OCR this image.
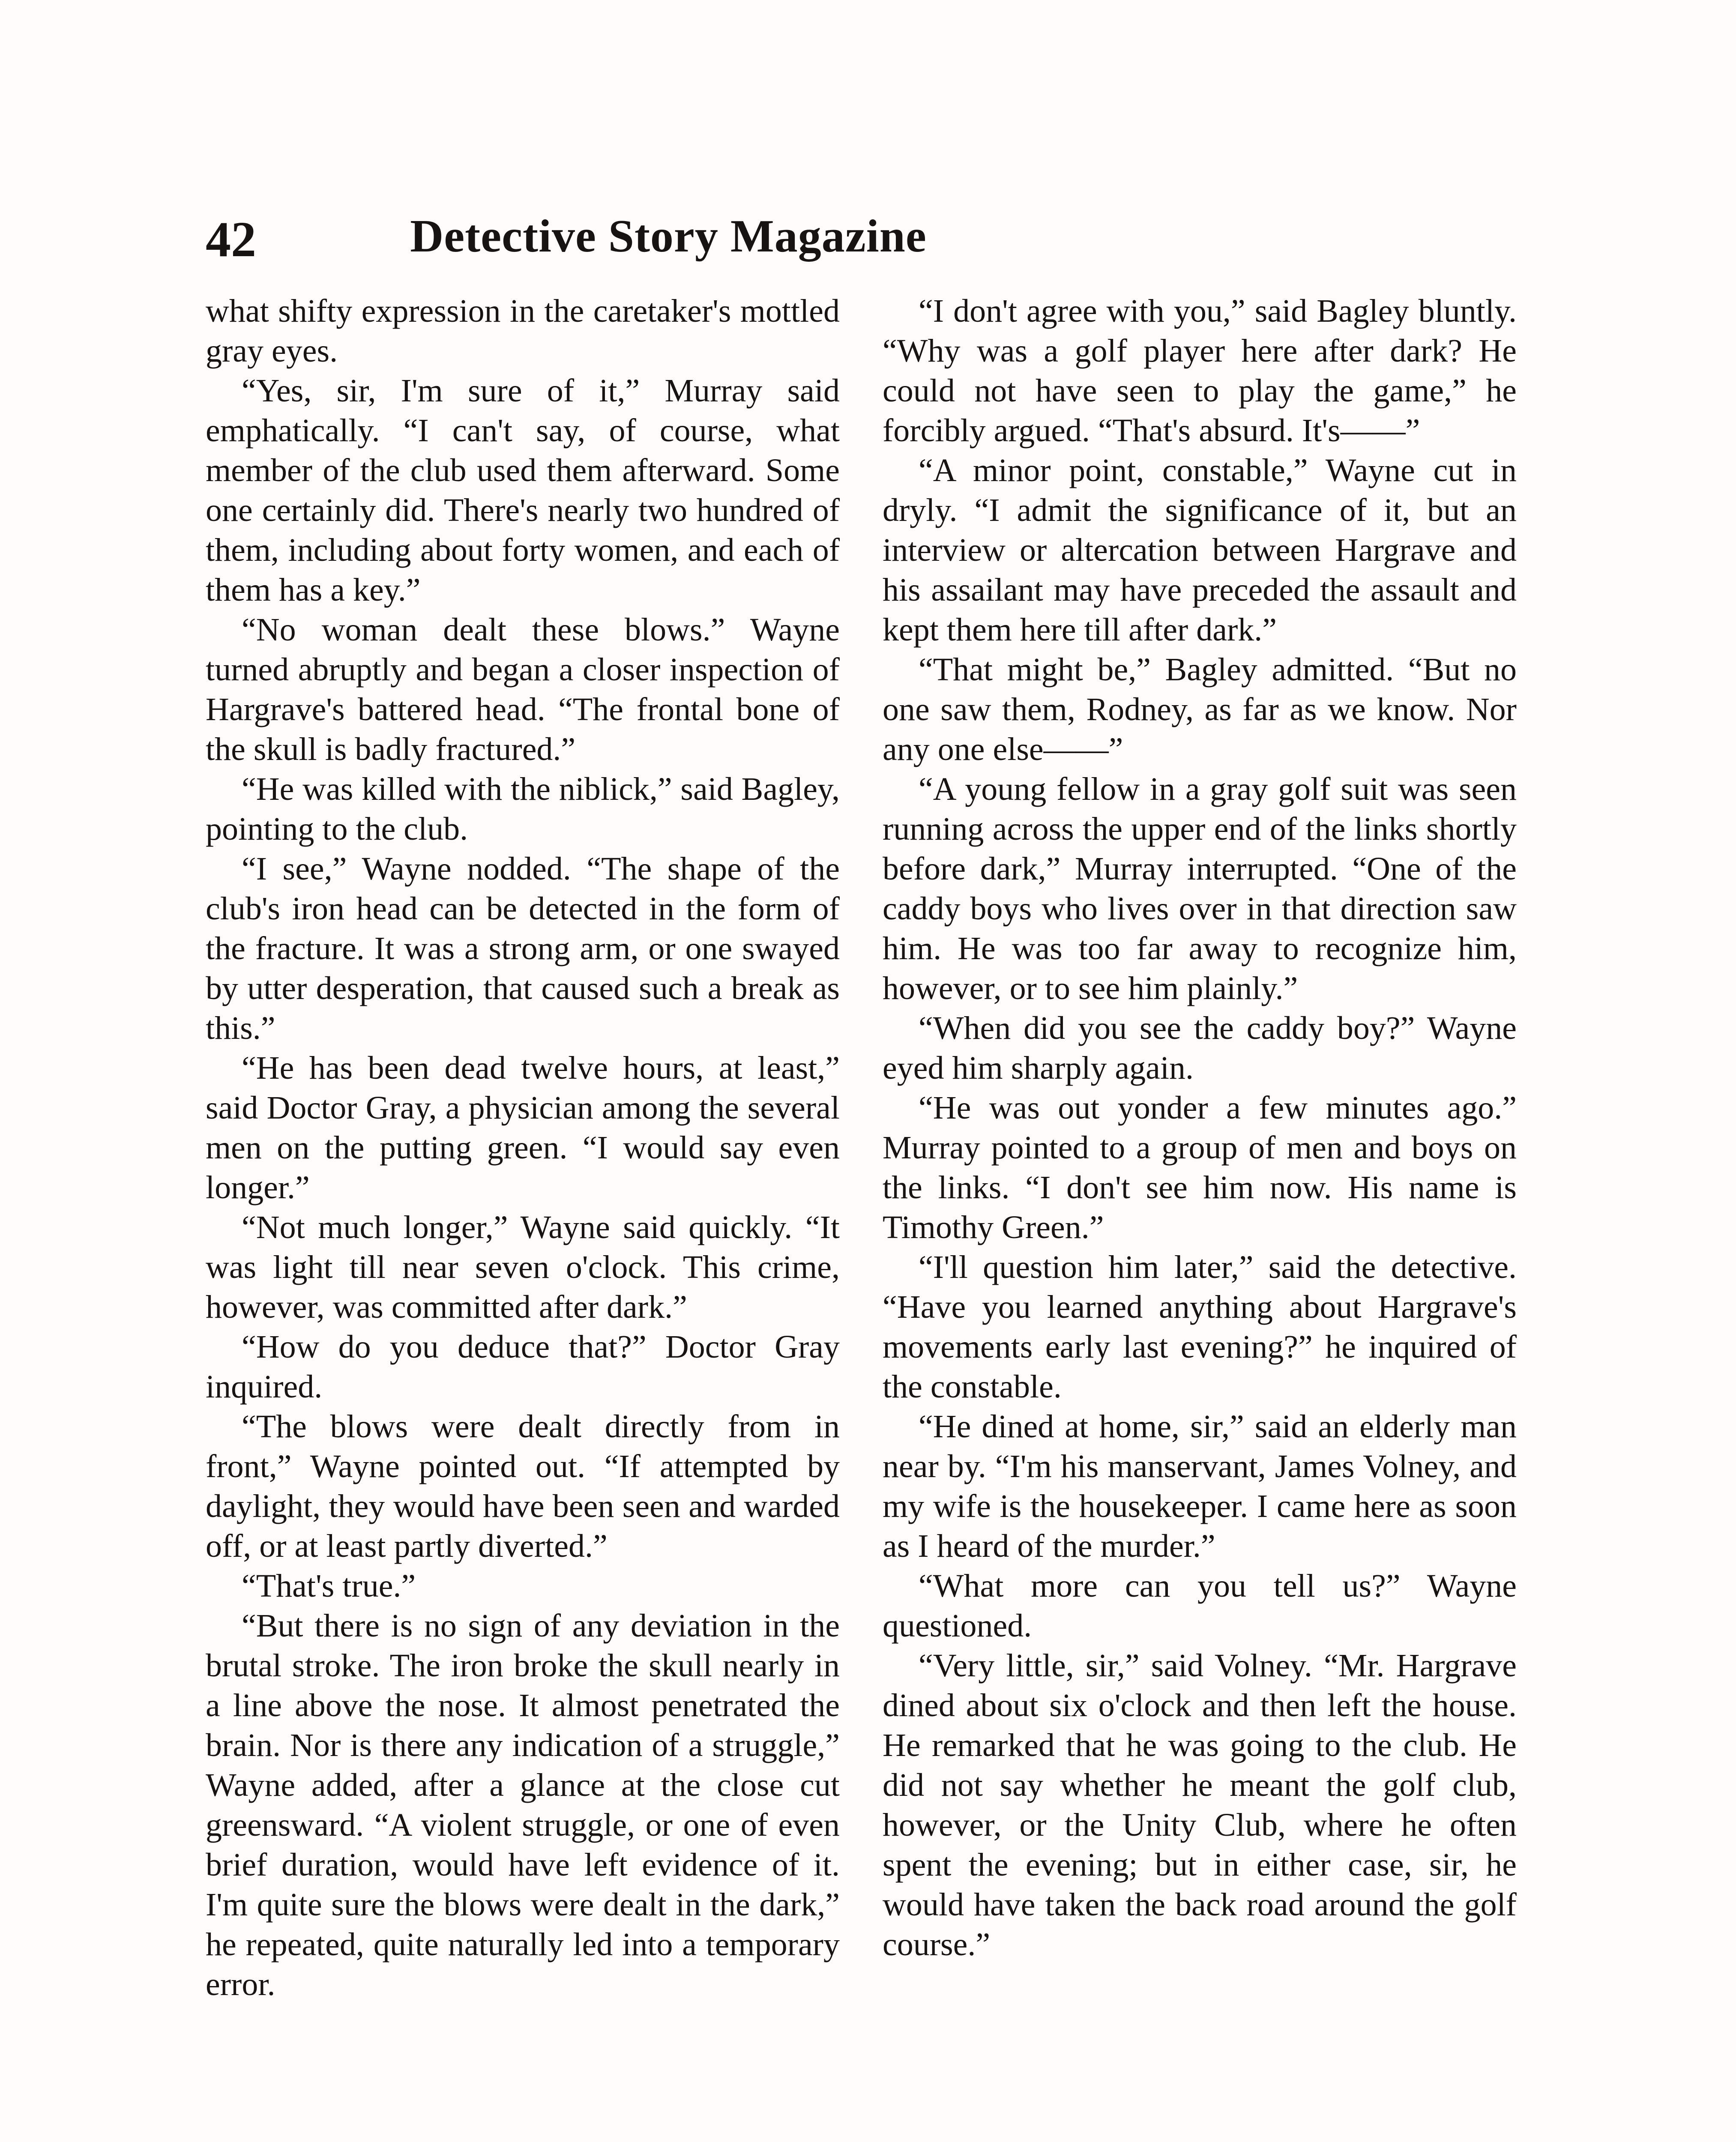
42	Detective Story Magazine

what shifty expression in the caretaker's mottled gray eyes.

“Yes, sir, I'm sure of it,” Murray said emphatically. “I can't say, of course, what member of the club used them afterward. Some one certainly did. There's nearly two hundred of them, including about forty women, and each of them has a key.”

“No woman dealt these blows.” Wayne turned abruptly and began a closer inspection of Hargrave's battered head. “The frontal bone of the skull is badly fractured.”

“He was killed with the niblick,” said Bagley, pointing to the club.

“I see,” Wayne nodded. “The shape of the club's iron head can be detected in the form of the fracture. It was a strong arm, or one swayed by utter desperation, that caused such a break as this.”

“He has been dead twelve hours, at least,” said Doctor Gray, a physician among the several men on the putting green. “I would say even longer.”

“Not much longer,” Wayne said quickly. “It was light till near seven o'clock. This crime, however, was committed after dark.”

“How do you deduce that?” Doctor Gray inquired.

“The blows were dealt directly from in front,” Wayne pointed out. “If attempted by daylight, they would have been seen and warded off, or at least partly diverted.”

“That's true.”

“But there is no sign of any deviation in the brutal stroke. The iron broke the skull nearly in a line above the nose. It almost penetrated the brain. Nor is there any indication of a struggle,” Wayne added, after a glance at the close cut greensward. “A violent struggle, or one of even brief duration, would have left evidence of it. I'm quite sure the blows were dealt in the dark,” he repeated, quite naturally led into a temporary error.

“I don't agree with you,” said Bagley bluntly. “Why was a golf player here after dark? He could not have seen to play the game,” he forcibly argued. “That's absurd. It's——”

“A minor point, constable,” Wayne cut in dryly. “I admit the significance of it, but an interview or altercation between Hargrave and his assailant may have preceded the assault and kept them here till after dark.”

“That might be,” Bagley admitted. “But no one saw them, Rodney, as far as we know. Nor any one else——”

“A young fellow in a gray golf suit was seen running across the upper end of the links shortly before dark,” Murray interrupted. “One of the caddy boys who lives over in that direction saw him. He was too far away to recognize him, however, or to see him plainly.”

“When did you see the caddy boy?” Wayne eyed him sharply again.

“He was out yonder a few minutes ago.” Murray pointed to a group of men and boys on the links. “I don't see him now. His name is Timothy Green.”

“I'll question him later,” said the detective. “Have you learned anything about Hargrave's movements early last evening?” he inquired of the constable.

“He dined at home, sir,” said an elderly man near by. “I'm his manservant, James Volney, and my wife is the housekeeper. I came here as soon as I heard of the murder.”

“What more can you tell us?” Wayne questioned.

“Very little, sir,” said Volney. “Mr. Hargrave dined about six o'clock and then left the house. He remarked that he was going to the club. He did not say whether he meant the golf club, however, or the Unity Club, where he often spent the evening; but in either case, sir, he would have taken the back road around the golf course.”
